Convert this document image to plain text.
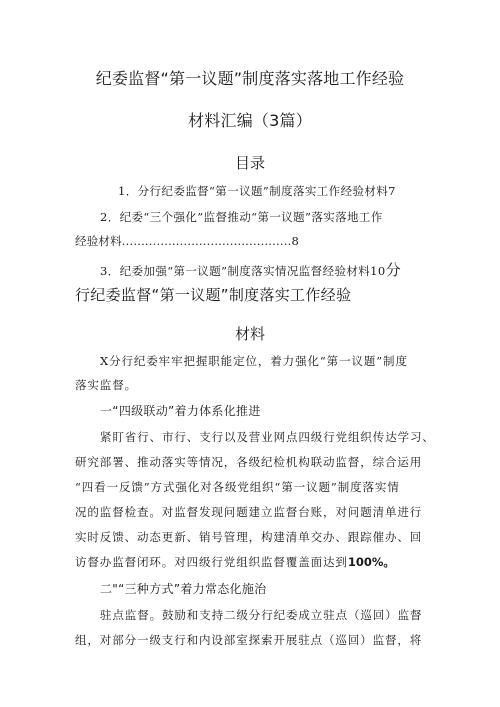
纪委监督“第一议题”制度落实落地工作经验
材料汇编（3篇）
目录
1．分行纪委监督“第一议题”制度落实工作经验材料7
2．纪委“三个强化”监督推动“第一议题”落实落地工作
经验材料............................................8
3．纪委加强“第一议题”制度落实情况监督经验材料10分
行纪委监督“第一议题”制度落实工作经验
材料
X分行纪委牢牢把握职能定位，着力强化“第一议题”制度
落实监督。
一“四级联动”着力体系化推进
紧盯省行、市行、支行以及营业网点四级行党组织传达学习、
研究部署、推动落实等情况，各级纪检机构联动监督，综合运用
“四看一反馈”方式强化对各级党组织“第一议题”制度落实情
况的监督检查。对监督发现问题建立监督台账，对问题清单进行
实时反馈、动态更新、销号管理，构建清单交办、跟踪催办、回
访督办监督闭环。对四级行党组织监督覆盖面达到100%。
二"“三种方式”着力常态化施治
驻点监督。鼓励和支持二级分行纪委成立驻点（巡回）监督
组，对部分一级支行和内设部室探索开展驻点（巡回）监督，将
